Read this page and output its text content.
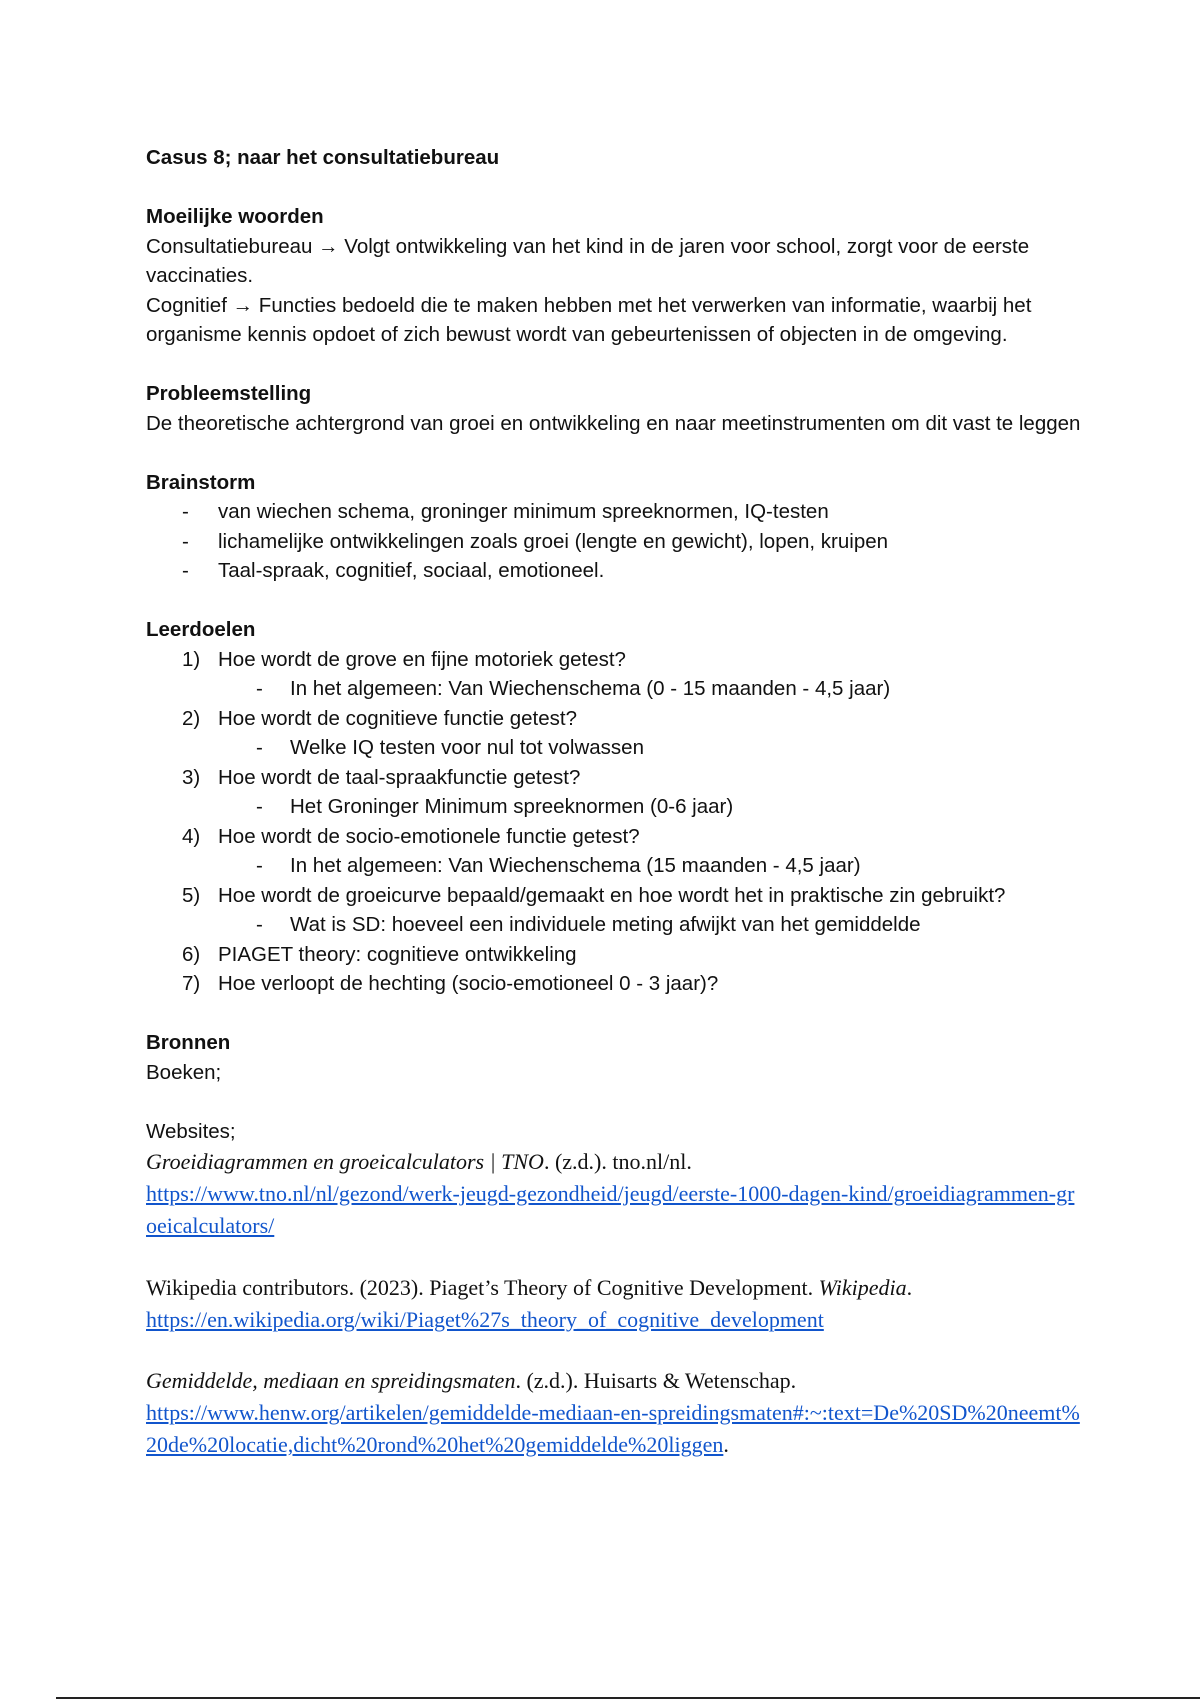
Casus 8; naar het consultatiebureau
Moeilijke woorden

Consultatiebureau → Volgt ontwikkeling van het kind in de jaren voor school, zorgt voor de eerste vaccinaties.

Cognitief → Functies bedoeld die te maken hebben met het verwerken van informatie, waarbij het organisme kennis opdoet of zich bewust wordt van gebeurtenissen of objecten in de omgeving.

Probleemstelling

De theoretische achtergrond van groei en ontwikkeling en naar meetinstrumenten om dit vast te leggen

Brainstorm
- van wiechen schema, groninger minimum spreeknormen, IQ-testen
- lichamelijke ontwikkelingen zoals groei (lengte en gewicht), lopen, kruipen
- Taal-spraak, cognitief, sociaal, emotioneel.
Leerdoelen
1) Hoe wordt de grove en fijne motoriek getest?
- In het algemeen: Van Wiechenschema (0 - 15 maanden - 4,5 jaar)
2) Hoe wordt de cognitieve functie getest?
- Welke IQ testen voor nul tot volwassen
3) Hoe wordt de taal-spraakfunctie getest?
- Het Groninger Minimum spreeknormen (0-6 jaar)
4) Hoe wordt de socio-emotionele functie getest?
- In het algemeen: Van Wiechenschema (15 maanden - 4,5 jaar)
5) Hoe wordt de groeicurve bepaald/gemaakt en hoe wordt het in praktische zin gebruikt?
- Wat is SD: hoeveel een individuele meting afwijkt van het gemiddelde
6) PIAGET theory: cognitieve ontwikkeling
7) Hoe verloopt de hechting (socio-emotioneel 0 - 3 jaar)?
Bronnen

Boeken;

Websites;

Groeidiagrammen en groeicalculators | TNO. (z.d.). tno.nl/nl.
https://www.tno.nl/nl/gezond/werk-jeugd-gezondheid/jeugd/eerste-1000-dagen-kind/groeidiagrammen-groeicalculators/

Wikipedia contributors. (2023). Piaget’s Theory of Cognitive Development. Wikipedia.
https://en.wikipedia.org/wiki/Piaget%27s_theory_of_cognitive_development

Gemiddelde, mediaan en spreidingsmaten. (z.d.). Huisarts & Wetenschap.
https://www.henw.org/artikelen/gemiddelde-mediaan-en-spreidingsmaten#:~:text=De%20SD%20neemt%20de%20locatie,dicht%20rond%20het%20gemiddelde%20liggen.
